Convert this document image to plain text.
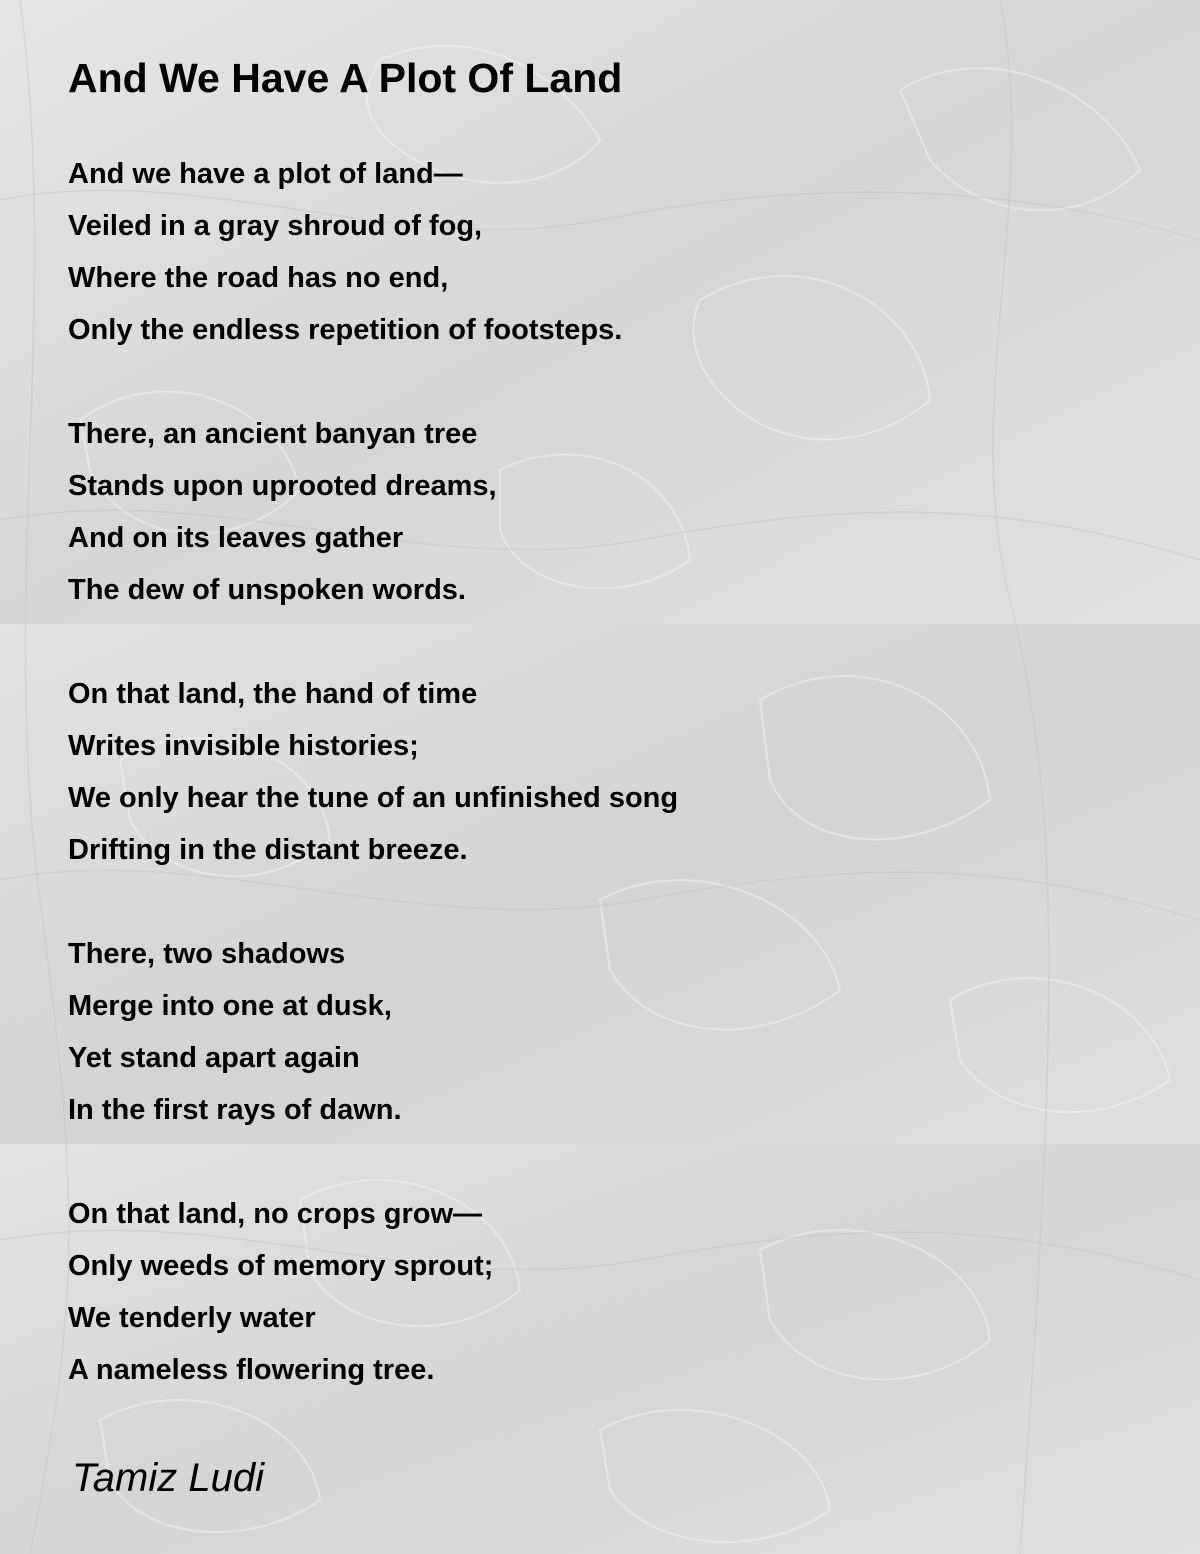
And We Have A Plot Of Land
And we have a plot of land—
Veiled in a gray shroud of fog,
Where the road has no end,
Only the endless repetition of footsteps.
There, an ancient banyan tree
Stands upon uprooted dreams,
And on its leaves gather
The dew of unspoken words.
On that land, the hand of time
Writes invisible histories;
We only hear the tune of an unfinished song
Drifting in the distant breeze.
There, two shadows
Merge into one at dusk,
Yet stand apart again
In the first rays of dawn.
On that land, no crops grow—
Only weeds of memory sprout;
We tenderly water
A nameless flowering tree.
Tamiz Ludi
